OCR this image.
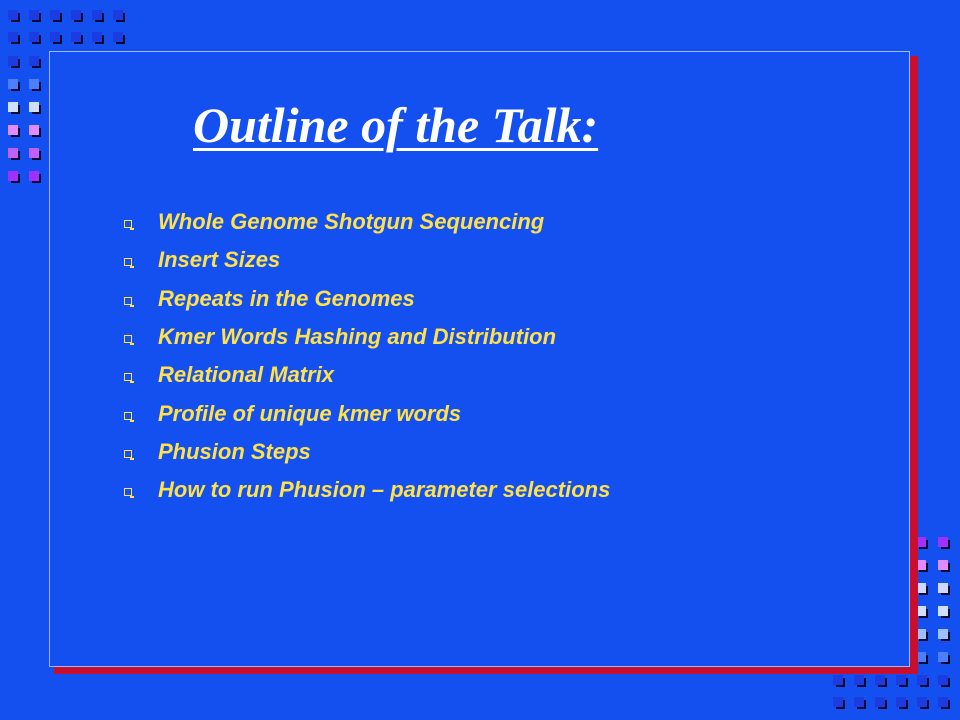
Outline of the Talk:
Whole Genome Shotgun Sequencing
Insert Sizes
Repeats in the Genomes
Kmer Words Hashing and Distribution
Relational Matrix
Profile of unique kmer words
Phusion Steps
How to run Phusion – parameter selections
